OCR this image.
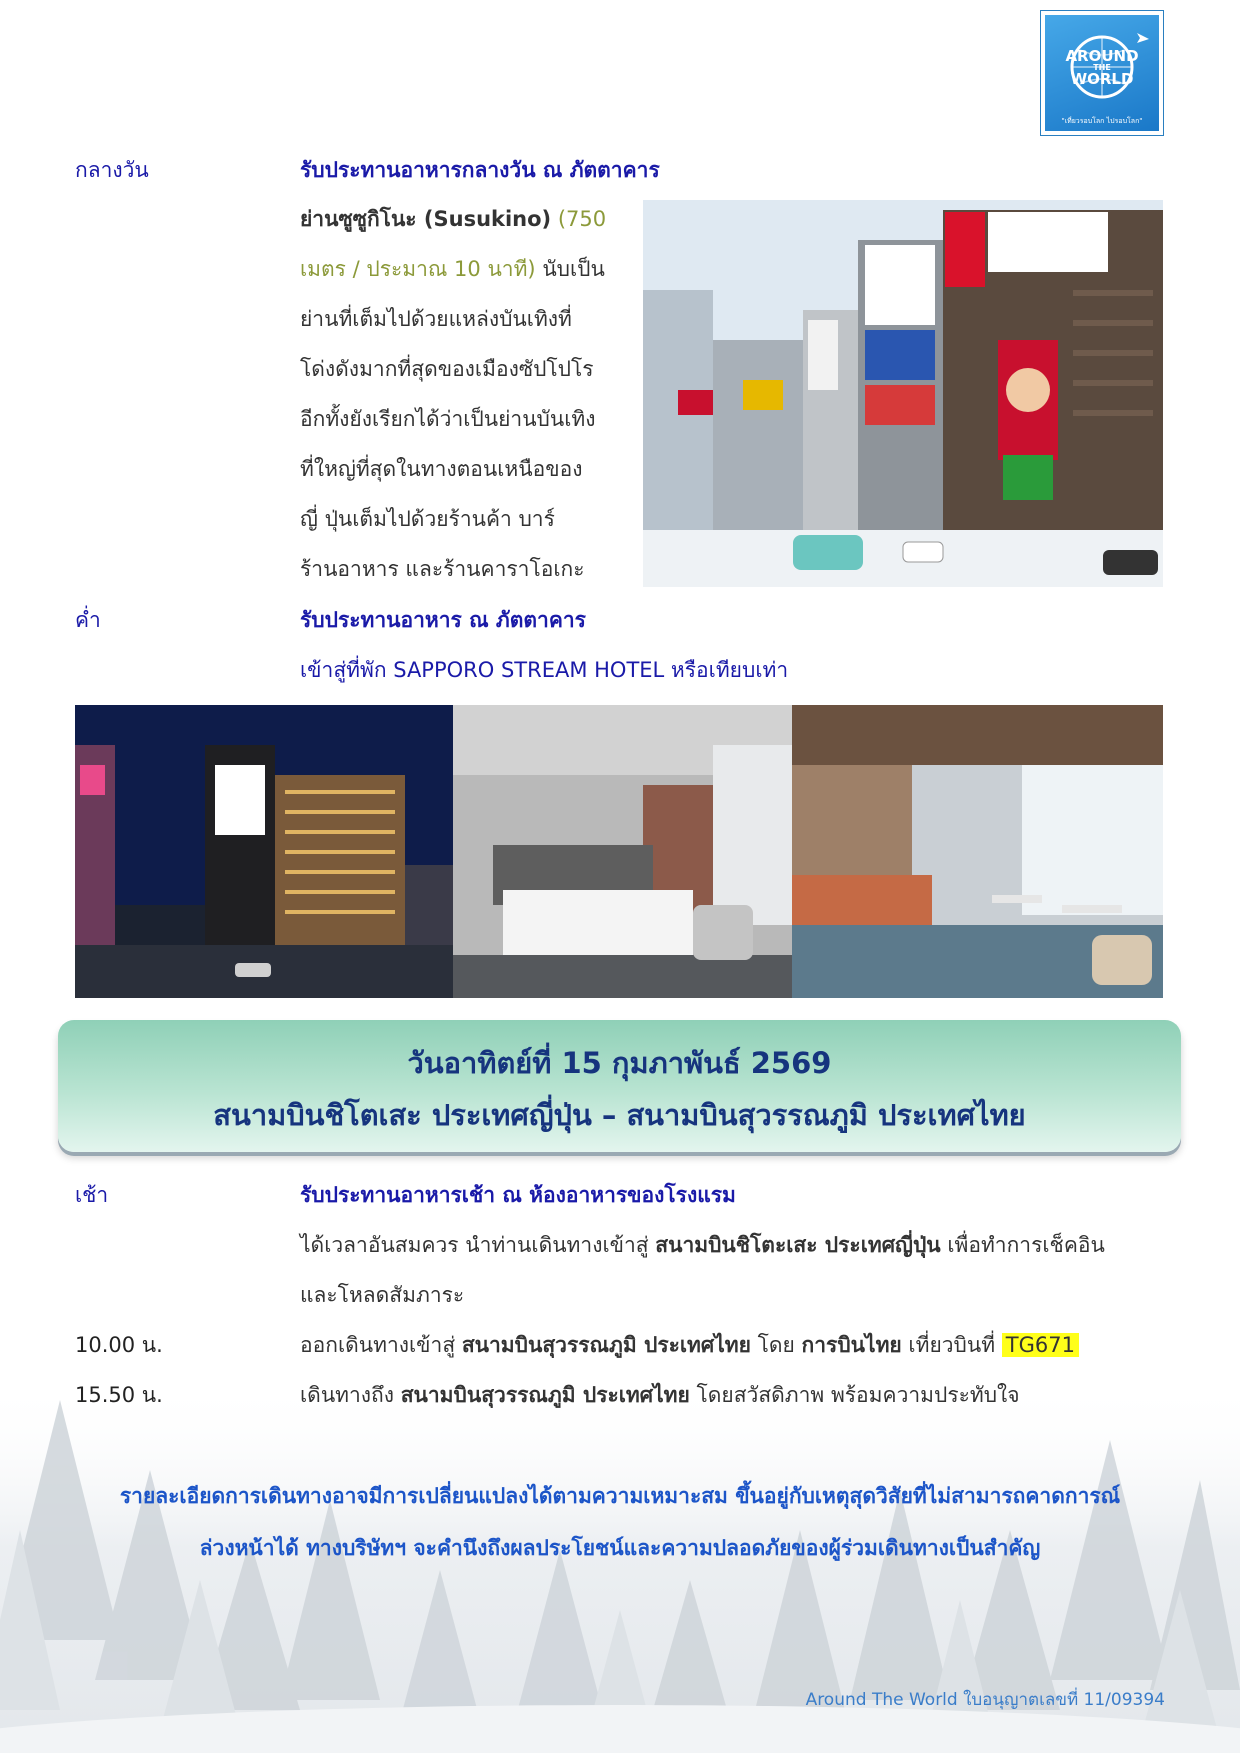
AROUND
THE
WORLD
"เที่ยวรอบโลก ไปรอบโลก"
กลางวัน	รับประทานอาหารกลางวัน ณ ภัตตาคาร

ย่านซูซูกิโนะ (Susukino) (750

เมตร / ประมาณ 10 นาที) นับเป็น

ย่านที่เต็มไปด้วยแหล่งบันเทิงที่

โด่งดังมากที่สุดของเมืองซัปโปโร

อีกทั้งยังเรียกได้ว่าเป็นย่านบันเทิง

ที่ใหญ่ที่สุดในทางตอนเหนือของ

ญี่ ปุ่นเต็มไปด้วยร้านค้า บาร์

ร้านอาหาร และร้านคาราโอเกะ

ค่ำ	รับประทานอาหาร ณ ภัตตาคาร
เข้าสู่ที่พัก SAPPORO STREAM HOTEL หรือเทียบเท่า
วันอาทิตย์ที่ 15 กุมภาพันธ์ 2569
สนามบินชิโตเสะ ประเทศญี่ปุ่น – สนามบินสุวรรณภูมิ ประเทศไทย
เช้า	รับประทานอาหารเช้า ณ ห้องอาหารของโรงแรม
ได้เวลาอันสมควร นำท่านเดินทางเข้าสู่ สนามบินชิโตะเสะ ประเทศญี่ปุ่น เพื่อทำการเช็คอิน
และโหลดสัมภาระ
10.00 น.	ออกเดินทางเข้าสู่ สนามบินสุวรรณภูมิ ประเทศไทย โดย การบินไทย เที่ยวบินที่ TG671
15.50 น.	เดินทางถึง สนามบินสุวรรณภูมิ ประเทศไทย โดยสวัสดิภาพ พร้อมความประทับใจ
รายละเอียดการเดินทางอาจมีการเปลี่ยนแปลงได้ตามความเหมาะสม ขึ้นอยู่กับเหตุสุดวิสัยที่ไม่สามารถคาดการณ์
ล่วงหน้าได้ ทางบริษัทฯ จะคำนึงถึงผลประโยชน์และความปลอดภัยของผู้ร่วมเดินทางเป็นสำคัญ
Around The World ใบอนุญาตเลขที่ 11/09394
